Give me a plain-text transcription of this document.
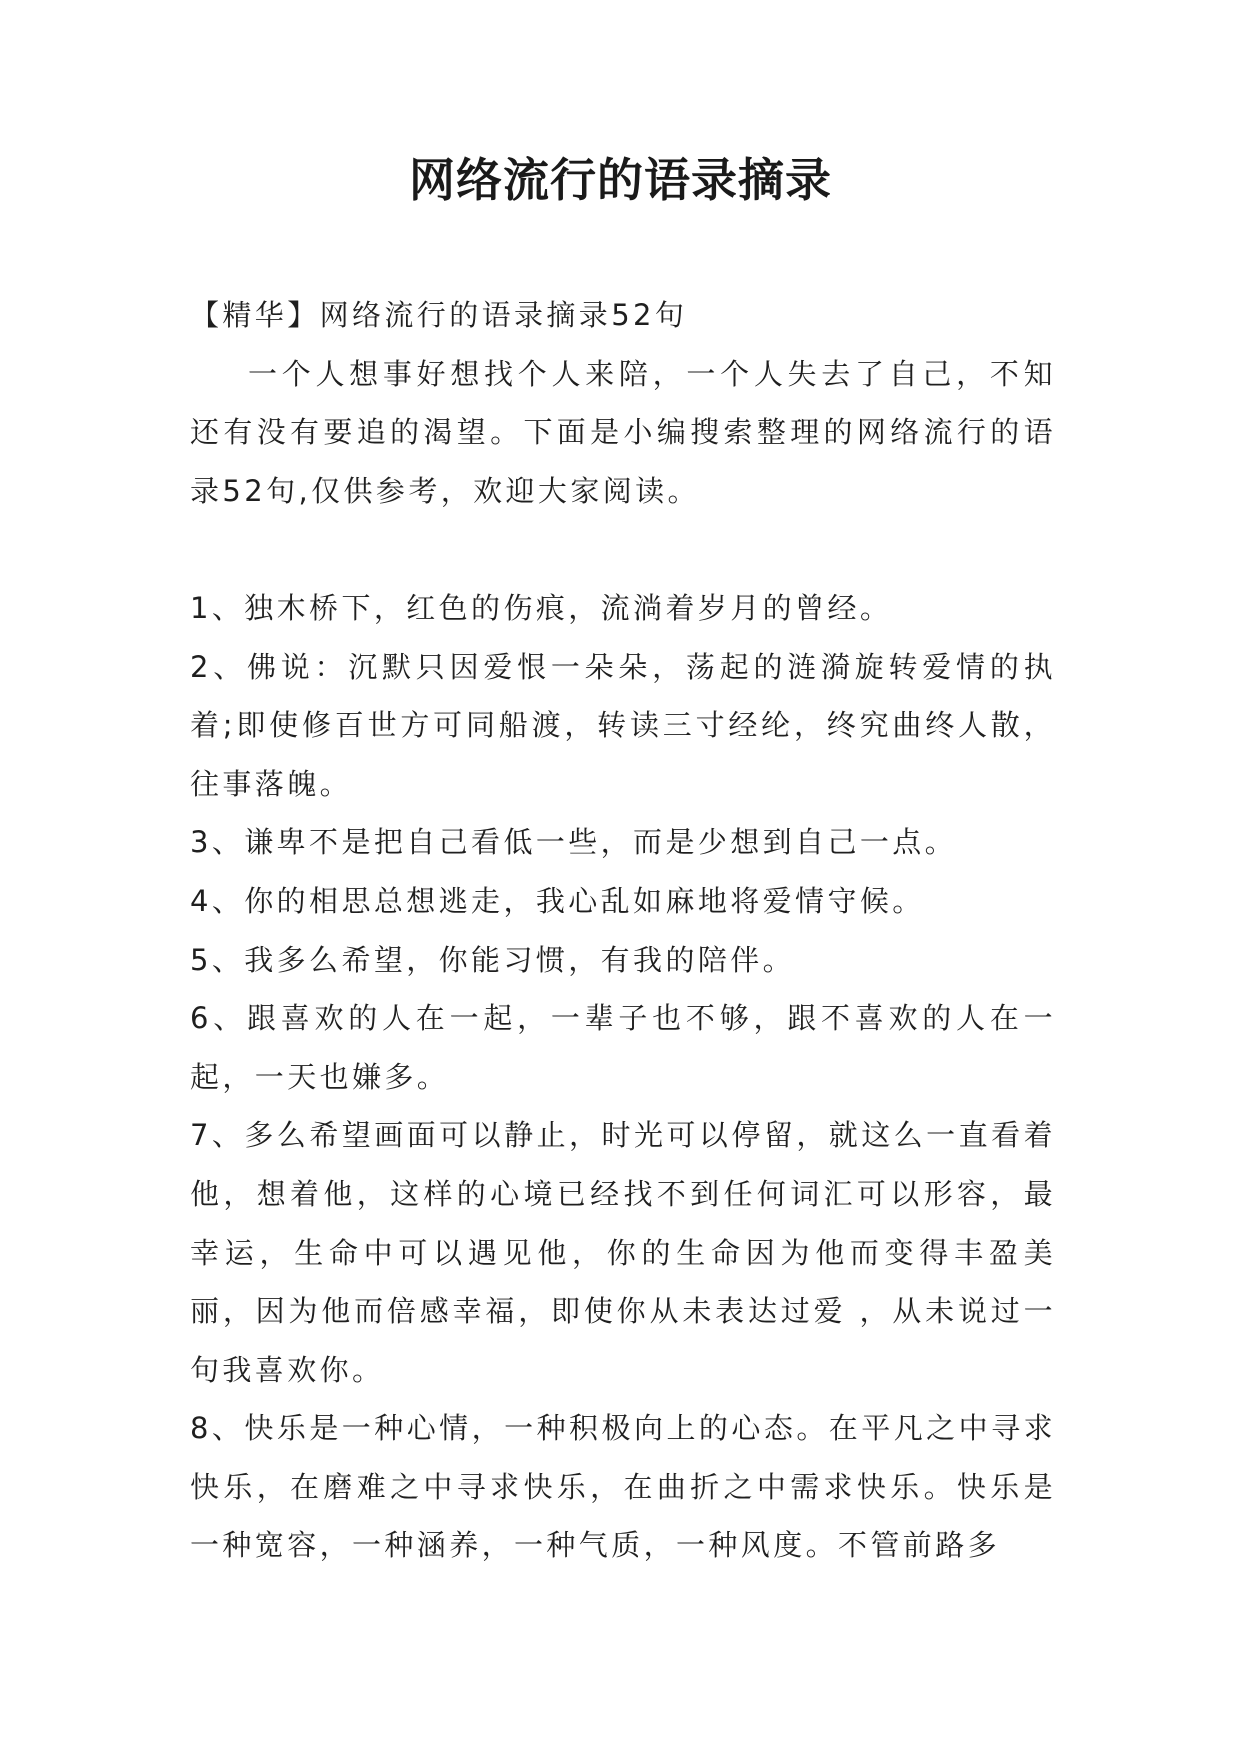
网络流行的语录摘录

【精华】网络流行的语录摘录52句

一个人想事好想找个人来陪，一个人失去了自己，不知还有没有要追的渴望。下面是小编搜索整理的网络流行的语录52句,仅供参考，欢迎大家阅读。

1、独木桥下，红色的伤痕，流淌着岁月的曾经。

2、佛说：沉默只因爱恨一朵朵，荡起的涟漪旋转爱情的执着;即使修百世方可同船渡，转读三寸经纶，终究曲终人散，往事落魄。

3、谦卑不是把自己看低一些，而是少想到自己一点。

4、你的相思总想逃走，我心乱如麻地将爱情守候。

5、我多么希望，你能习惯，有我的陪伴。

6、跟喜欢的人在一起，一辈子也不够，跟不喜欢的人在一起，一天也嫌多。

7、多么希望画面可以静止，时光可以停留，就这么一直看着他，想着他，这样的心境已经找不到任何词汇可以形容，最幸运，生命中可以遇见他，你的生命因为他而变得丰盈美丽，因为他而倍感幸福，即使你从未表达过爱 ，从未说过一句我喜欢你。

8、快乐是一种心情，一种积极向上的心态。在平凡之中寻求快乐，在磨难之中寻求快乐，在曲折之中需求快乐。快乐是一种宽容，一种涵养，一种气质，一种风度。不管前路多
